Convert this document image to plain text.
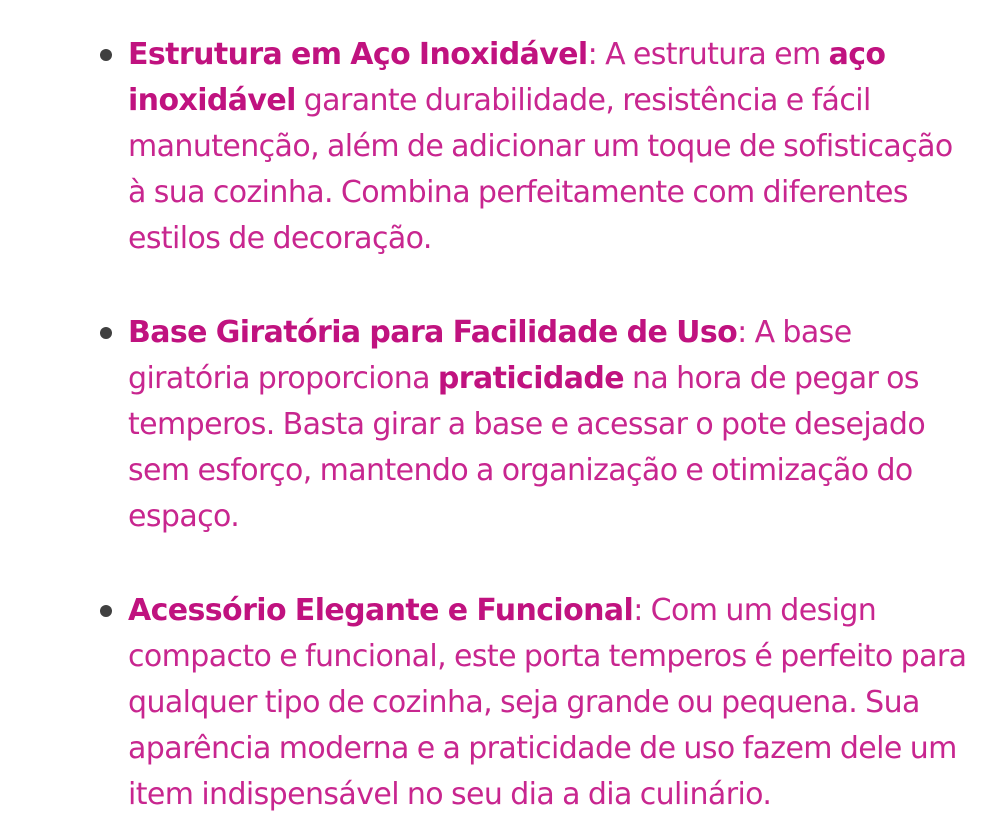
Estrutura em Aço Inoxidável: A estrutura em aço inoxidável garante durabilidade, resistência e fácil manutenção, além de adicionar um toque de sofisticação à sua cozinha. Combina perfeitamente com diferentes estilos de decoração.
Base Giratória para Facilidade de Uso: A base giratória proporciona praticidade na hora de pegar os temperos. Basta girar a base e acessar o pote desejado sem esforço, mantendo a organização e otimização do espaço.
Acessório Elegante e Funcional: Com um design compacto e funcional, este porta temperos é perfeito para qualquer tipo de cozinha, seja grande ou pequena. Sua aparência moderna e a praticidade de uso fazem dele um item indispensável no seu dia a dia culinário.
